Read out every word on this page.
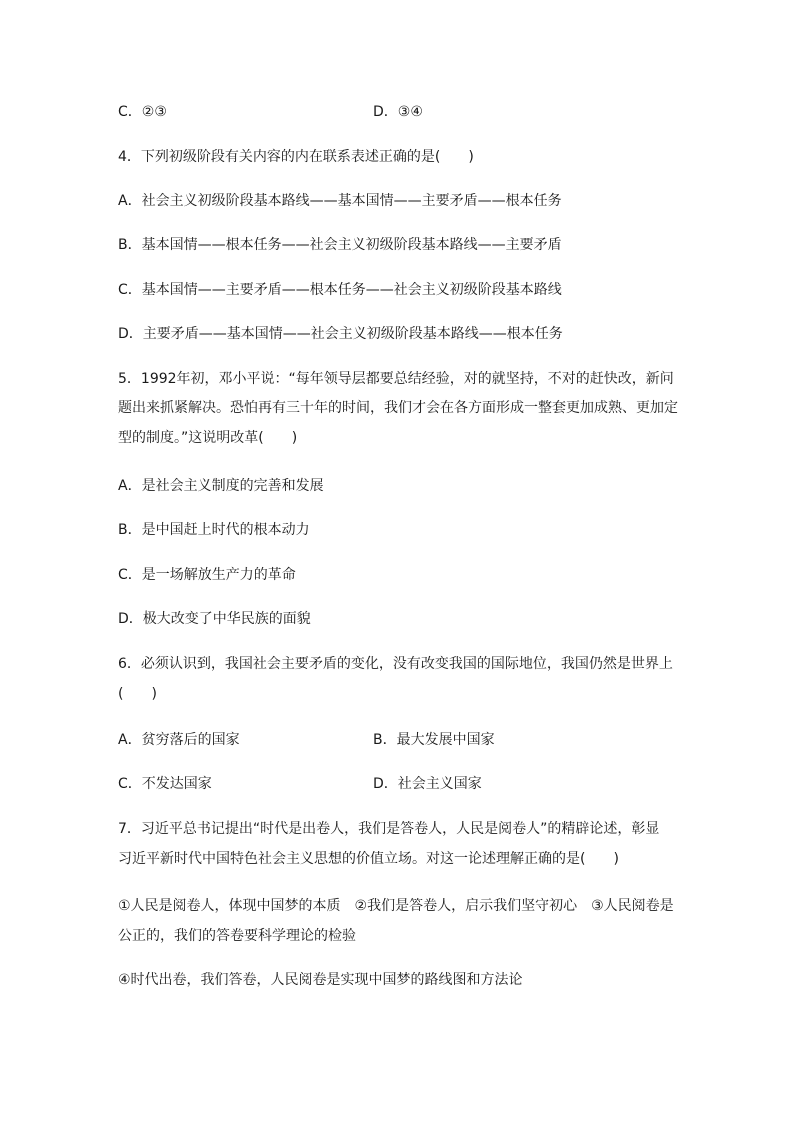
C．②③	D．③④
4．下列初级阶段有关内容的内在联系表述正确的是(　　)
A．社会主义初级阶段基本路线——基本国情——主要矛盾——根本任务
B．基本国情——根本任务——社会主义初级阶段基本路线——主要矛盾
C．基本国情——主要矛盾——根本任务——社会主义初级阶段基本路线
D．主要矛盾——基本国情——社会主义初级阶段基本路线——根本任务
5．1992年初，邓小平说：“每年领导层都要总结经验，对的就坚持，不对的赶快改，新问
题出来抓紧解决。恐怕再有三十年的时间，我们才会在各方面形成一整套更加成熟、更加定
型的制度。”这说明改革(　　)
A．是社会主义制度的完善和发展
B．是中国赶上时代的根本动力
C．是一场解放生产力的革命
D．极大改变了中华民族的面貌
6．必须认识到，我国社会主要矛盾的变化，没有改变我国的国际地位，我国仍然是世界上
(　　)
A．贫穷落后的国家	B．最大发展中国家
C．不发达国家	D．社会主义国家
7．习近平总书记提出“时代是出卷人，我们是答卷人，人民是阅卷人”的精辟论述，彰显
习近平新时代中国特色社会主义思想的价值立场。对这一论述理解正确的是(　　)
①人民是阅卷人，体现中国梦的本质　②我们是答卷人，启示我们坚守初心　③人民阅卷是
公正的，我们的答卷要科学理论的检验
④时代出卷，我们答卷，人民阅卷是实现中国梦的路线图和方法论
